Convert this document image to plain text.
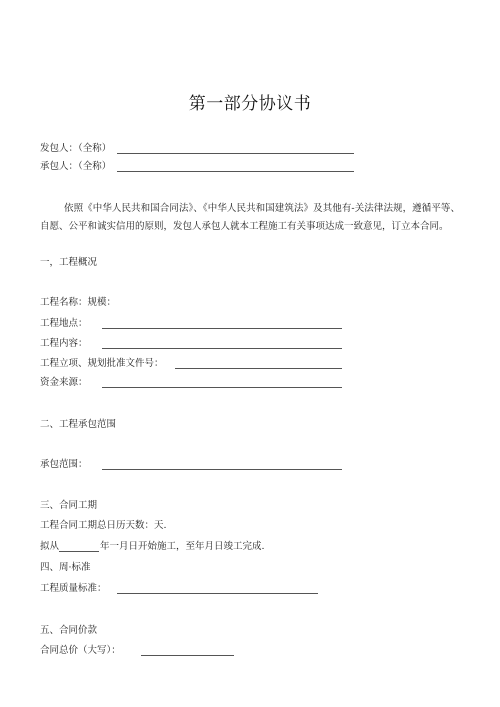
第一部分协议书
发包人：（全称）
承包人：（全称）
依照《中华人民共和国合同法》、《中华人民共和国建筑法》及其他有-关法律法规，遵循平等、自愿、公平和诚实信用的原则，发包人承包人就本工程施工有关事项达成一致意见，订立本合同。
一，工程概况
工程名称：规模：
工程地点：
工程内容：
工程立项、规划批准文件号：
资金来源：
二、工程承包范围
承包范围：
三、合同工期
工程合同工期总日历天数：天.
拟从	年一月日开始施工，至年月日竣工完成.
四、周·标准
工程质量标准：
五、合同价款
合同总价（大写）：
